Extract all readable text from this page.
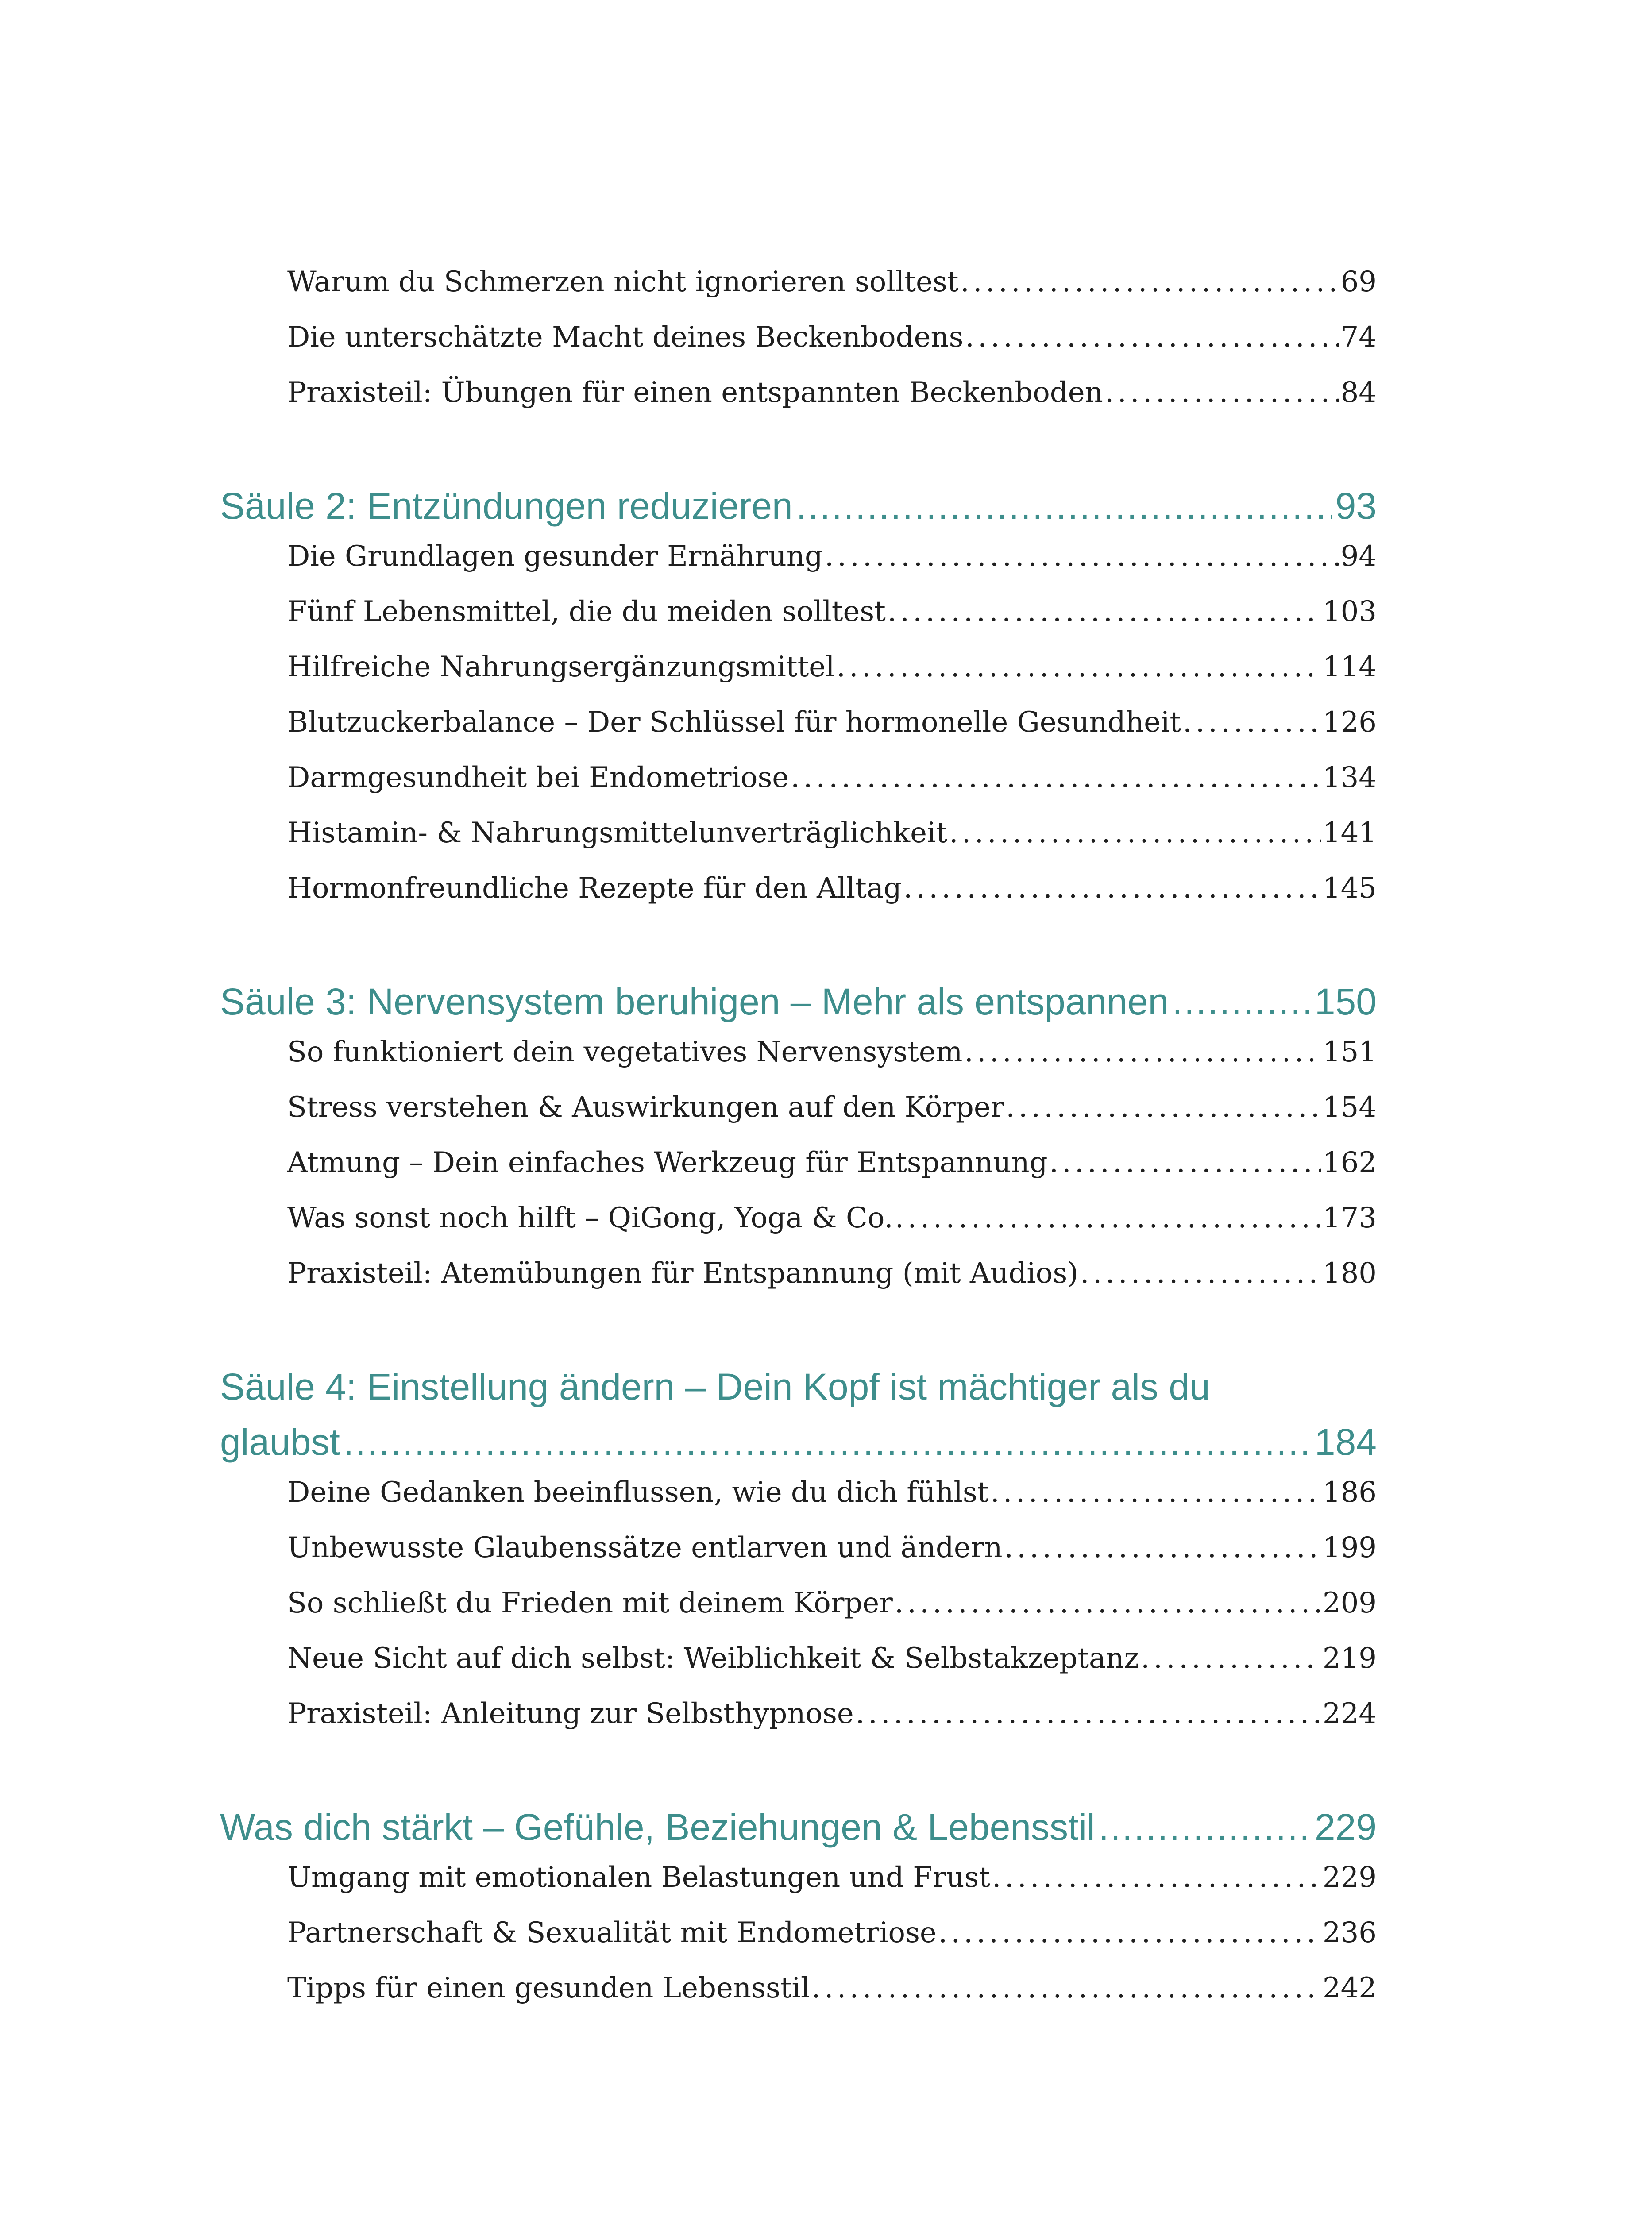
Warum du Schmerzen nicht ignorieren solltest . . .	69
Die unterschätzte Macht deines Beckenbodens . . .	74
Praxisteil: Übungen für einen entspannten Beckenboden . . .	84
Säule 2: Entzündungen reduzieren . . .	93
Die Grundlagen gesunder Ernährung . . .	94
Fünf Lebensmittel, die du meiden solltest . . .	103
Hilfreiche Nahrungsergänzungsmittel . . .	114
Blutzuckerbalance – Der Schlüssel für hormonelle Gesundheit . . .	126
Darmgesundheit bei Endometriose . . .	134
Histamin- & Nahrungsmittelunverträglichkeit . . .	141
Hormonfreundliche Rezepte für den Alltag . . .	145
Säule 3: Nervensystem beruhigen – Mehr als entspannen . . .	150
So funktioniert dein vegetatives Nervensystem . . .	151
Stress verstehen & Auswirkungen auf den Körper . . .	154
Atmung – Dein einfaches Werkzeug für Entspannung . . .	162
Was sonst noch hilft – QiGong, Yoga & Co. . . .	173
Praxisteil: Atemübungen für Entspannung (mit Audios) . . .	180
Säule 4: Einstellung ändern – Dein Kopf ist mächtiger als du
glaubst . . .	184
Deine Gedanken beeinflussen, wie du dich fühlst . . .	186
Unbewusste Glaubenssätze entlarven und ändern . . .	199
So schließt du Frieden mit deinem Körper . . .	209
Neue Sicht auf dich selbst: Weiblichkeit & Selbstakzeptanz . . .	219
Praxisteil: Anleitung zur Selbsthypnose . . .	224
Was dich stärkt – Gefühle, Beziehungen & Lebensstil . . .	229
Umgang mit emotionalen Belastungen und Frust . . .	229
Partnerschaft & Sexualität mit Endometriose . . .	236
Tipps für einen gesunden Lebensstil . . .	242
